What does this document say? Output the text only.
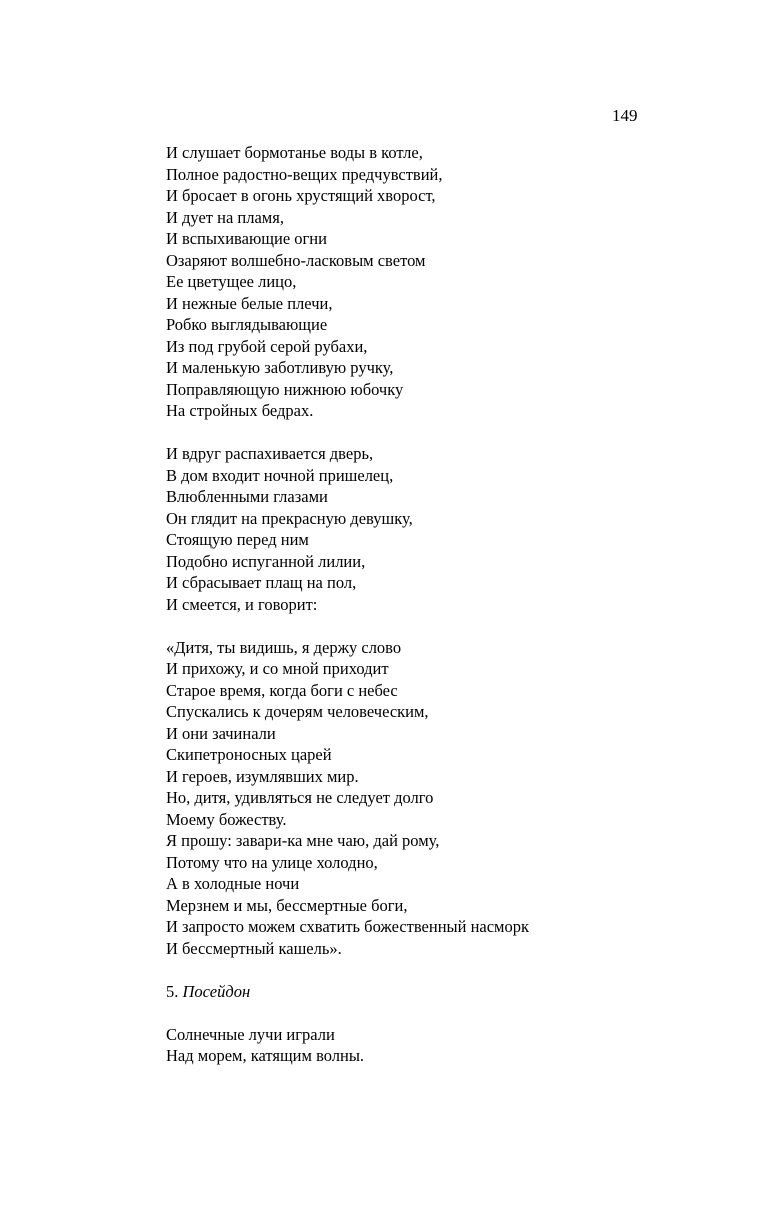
149
И слушает бормотанье воды в котле,
Полное радостно-вещих предчувствий,
И бросает в огонь хрустящий хворост,
И дует на пламя,
И вспыхивающие огни
Озаряют волшебно-ласковым светом
Ее цветущее лицо,
И нежные белые плечи,
Робко выглядывающие
Из под грубой серой рубахи,
И маленькую заботливую ручку,
Поправляющую нижнюю юбочку
На стройных бедрах.
И вдруг распахивается дверь,
В дом входит ночной пришелец,
Влюбленными глазами
Он глядит на прекрасную девушку,
Стоящую перед ним
Подобно испуганной лилии,
И сбрасывает плащ на пол,
И смеется, и говорит:
«Дитя, ты видишь, я держу слово
И прихожу, и со мной приходит
Старое время, когда боги с небес
Спускались к дочерям человеческим,
И они зачинали
Скипетроносных царей
И героев, изумлявших мир.
Но, дитя, удивляться не следует долго
Моему божеству.
Я прошу: завари-ка мне чаю, дай рому,
Потому что на улице холодно,
А в холодные ночи
Мерзнем и мы, бессмертные боги,
И запросто можем схватить божественный насморк
И бессмертный кашель».
5. Посейдон
Солнечные лучи играли
Над морем, катящим волны.
